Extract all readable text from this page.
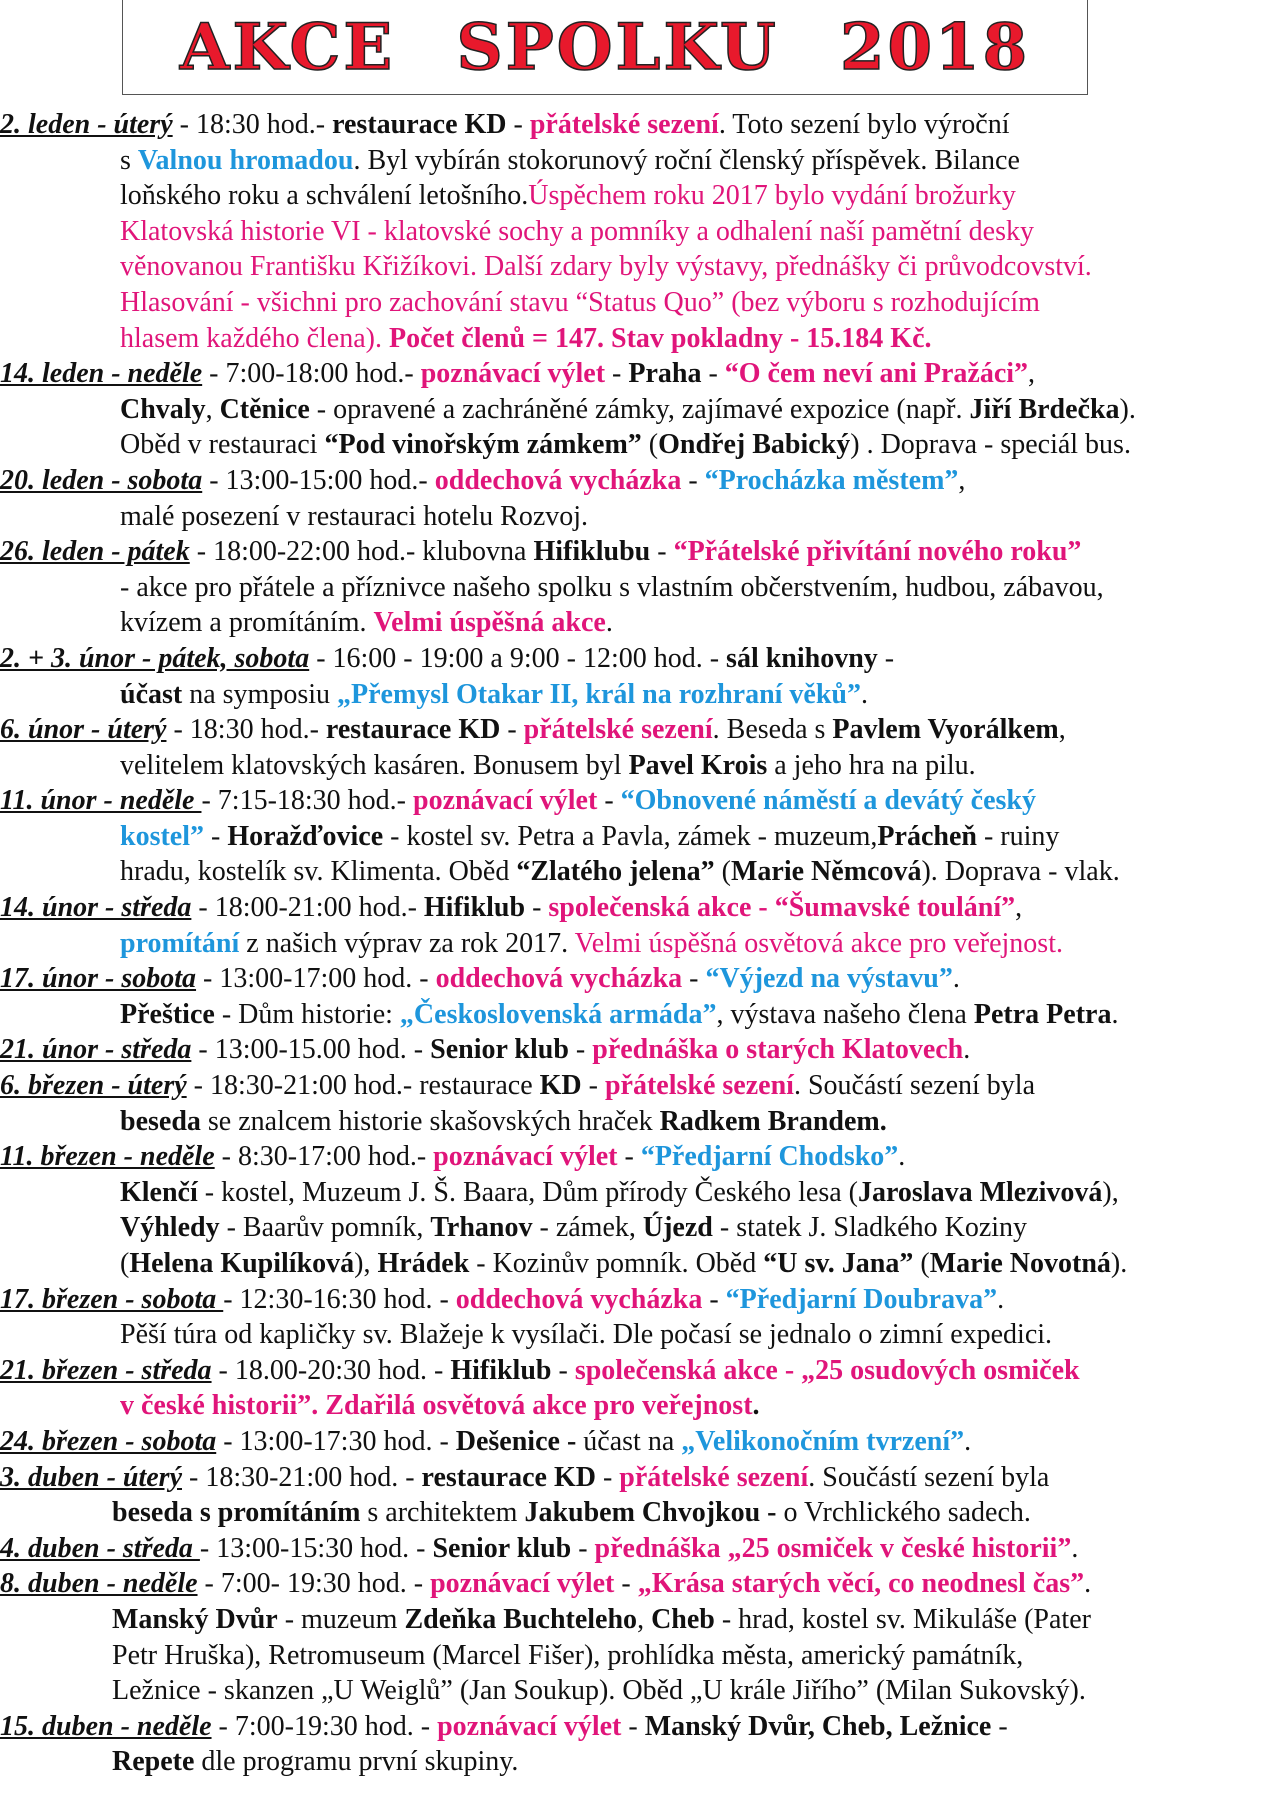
AKCE SPOLKU 2018
2. leden - úterý - 18:30 hod.- restaurace KD - přátelské sezení. Toto sezení bylo výroční
s Valnou hromadou. Byl vybírán stokorunový roční členský příspěvek. Bilance
loňského roku a schválení letošního.Úspěchem roku 2017 bylo vydání brožurky
Klatovská historie VI - klatovské sochy a pomníky a odhalení naší pamětní desky
věnovanou Františku Křižíkovi. Další zdary byly výstavy, přednášky či průvodcovství.
Hlasování - všichni pro zachování stavu “Status Quo” (bez výboru s rozhodujícím
hlasem každého člena). Počet členů = 147. Stav pokladny - 15.184 Kč.
14. leden - neděle - 7:00-18:00 hod.- poznávací výlet - Praha - “O čem neví ani Pražáci”,
Chvaly, Ctěnice - opravené a zachráněné zámky, zajímavé expozice (např. Jiří Brdečka).
Oběd v restauraci “Pod vinořským zámkem” (Ondřej Babický) . Doprava - speciál bus.
20. leden - sobota - 13:00-15:00 hod.- oddechová vycházka - “Procházka městem”,
malé posezení v restauraci hotelu Rozvoj.
26. leden - pátek - 18:00-22:00 hod.- klubovna Hifiklubu - “Přátelské přivítání nového roku”
- akce pro přátele a příznivce našeho spolku s vlastním občerstvením, hudbou, zábavou,
kvízem a promítáním. Velmi úspěšná akce.
2. + 3. únor - pátek, sobota - 16:00 - 19:00 a 9:00 - 12:00 hod. - sál knihovny -
účast na symposiu „Přemysl Otakar II, král na rozhraní věků”.
6. únor - úterý - 18:30 hod.- restaurace KD - přátelské sezení. Beseda s Pavlem Vyorálkem,
velitelem klatovských kasáren. Bonusem byl Pavel Krois a jeho hra na pilu.
11. únor - neděle - 7:15-18:30 hod.- poznávací výlet - “Obnovené náměstí a devátý český
kostel” - Horažďovice - kostel sv. Petra a Pavla, zámek - muzeum,Prácheň - ruiny
hradu, kostelík sv. Klimenta. Oběd “Zlatého jelena” (Marie Němcová). Doprava - vlak.
14. únor - středa - 18:00-21:00 hod.- Hifiklub - společenská akce - “Šumavské toulání”,
promítání z našich výprav za rok 2017. Velmi úspěšná osvětová akce pro veřejnost.
17. únor - sobota - 13:00-17:00 hod. - oddechová vycházka - “Výjezd na výstavu”.
Přeštice - Dům historie: „Československá armáda”, výstava našeho člena Petra Petra.
21. únor - středa - 13:00-15.00 hod. - Senior klub - přednáška o starých Klatovech.
6. březen - úterý - 18:30-21:00 hod.- restaurace KD - přátelské sezení. Součástí sezení byla
beseda se znalcem historie skašovských hraček Radkem Brandem.
11. březen - neděle - 8:30-17:00 hod.- poznávací výlet - “Předjarní Chodsko”.
Klenčí - kostel, Muzeum J. Š. Baara, Dům přírody Českého lesa (Jaroslava Mlezivová),
Výhledy - Baarův pomník, Trhanov - zámek, Újezd - statek J. Sladkého Koziny
(Helena Kupilíková), Hrádek - Kozinův pomník. Oběd “U sv. Jana” (Marie Novotná).
17. březen - sobota - 12:30-16:30 hod. - oddechová vycházka - “Předjarní Doubrava”.
Pěší túra od kapličky sv. Blažeje k vysílači. Dle počasí se jednalo o zimní expedici.
21. březen - středa - 18.00-20:30 hod. - Hifiklub - společenská akce - „25 osudových osmiček
v české historii”. Zdařilá osvětová akce pro veřejnost.
24. březen - sobota - 13:00-17:30 hod. - Dešenice - účast na „Velikonočním tvrzení”.
3. duben - úterý - 18:30-21:00 hod. - restaurace KD - přátelské sezení. Součástí sezení byla
beseda s promítáním s architektem Jakubem Chvojkou - o Vrchlického sadech.
4. duben - středa - 13:00-15:30 hod. - Senior klub - přednáška „25 osmiček v české historii”.
8. duben - neděle - 7:00- 19:30 hod. - poznávací výlet - „Krása starých věcí, co neodnesl čas”.
Manský Dvůr - muzeum Zdeňka Buchteleho, Cheb - hrad, kostel sv. Mikuláše (Pater
Petr Hruška), Retromuseum (Marcel Fišer), prohlídka města, americký památník,
Ležnice - skanzen „U Weiglů” (Jan Soukup). Oběd „U krále Jiřího” (Milan Sukovský).
15. duben - neděle - 7:00-19:30 hod. - poznávací výlet - Manský Dvůr, Cheb, Ležnice -
Repete dle programu první skupiny.
